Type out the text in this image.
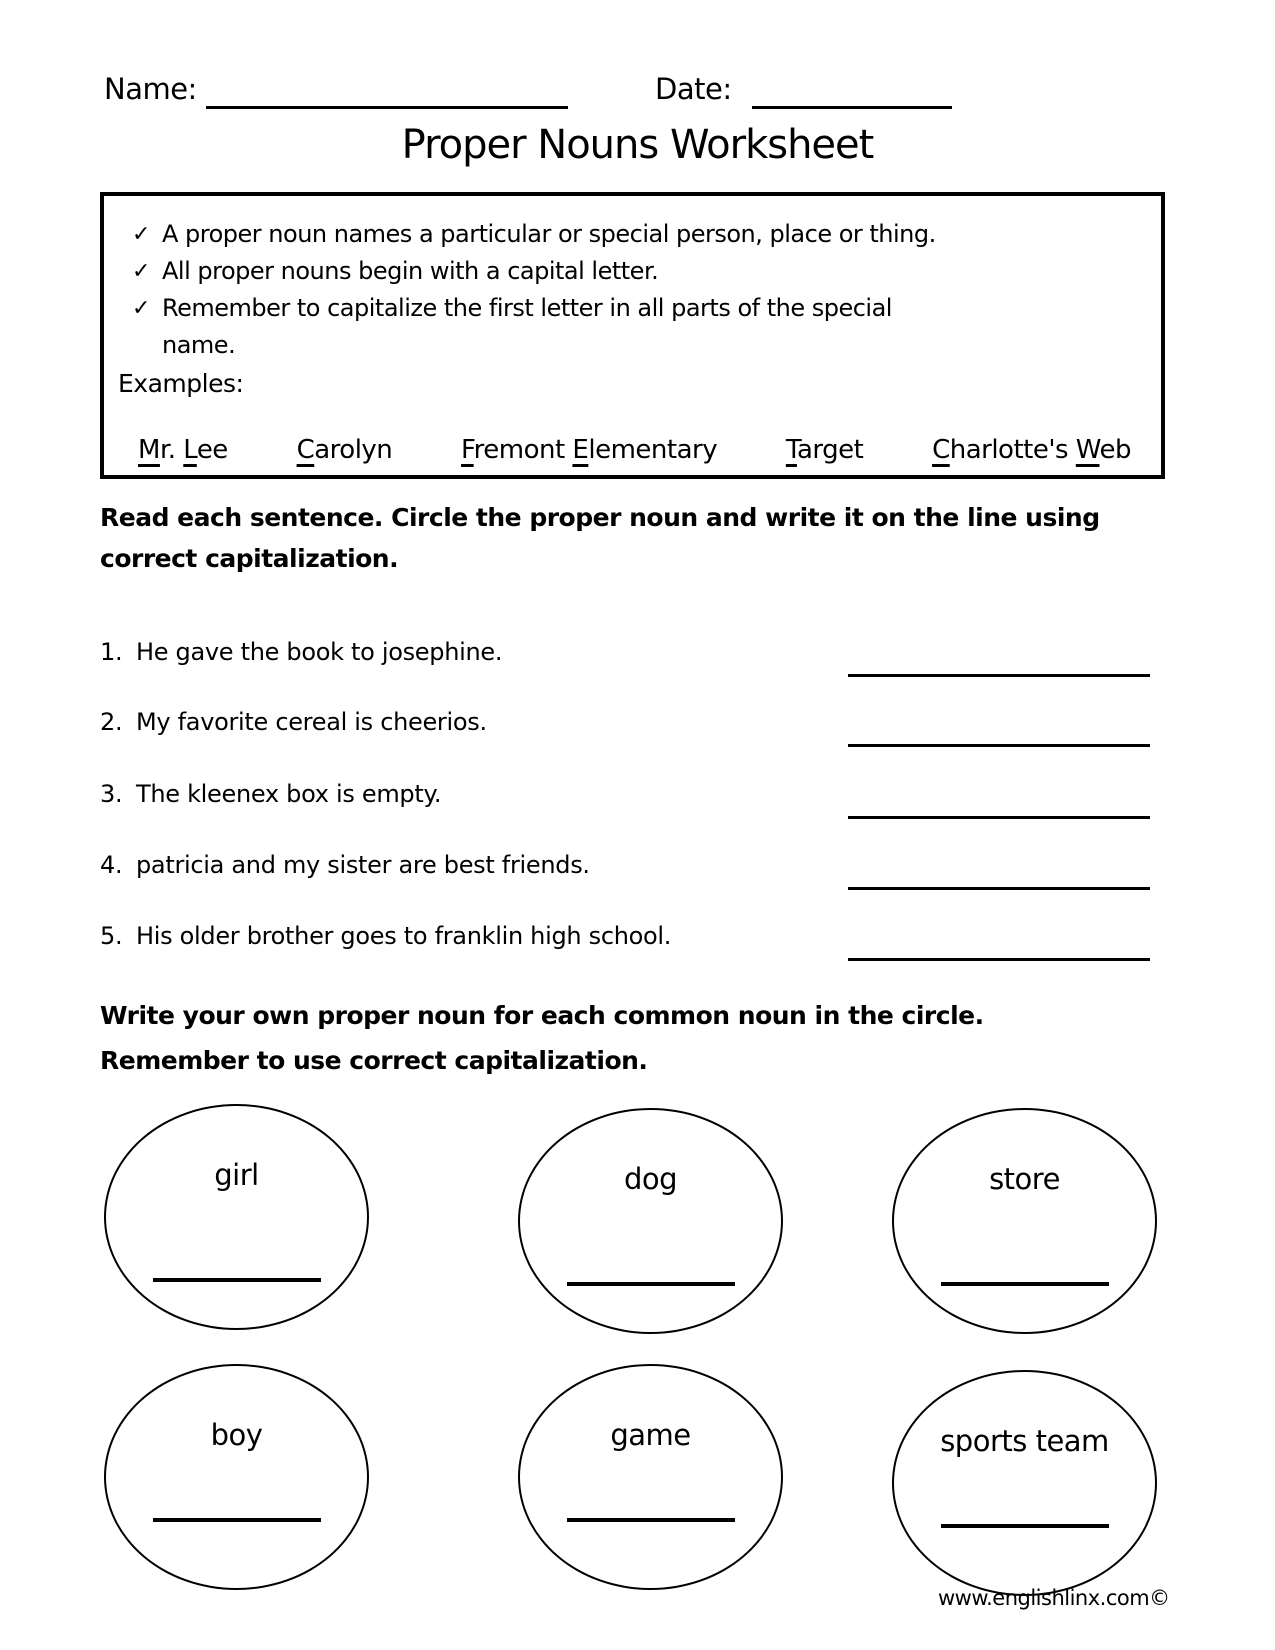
Name:	Date:
Proper Nouns Worksheet
✓ A proper noun names a particular or special person, place or thing.
✓ All proper nouns begin with a capital letter.
✓ Remember to capitalize the first letter in all parts of the special
name.
Examples:
Mr. Lee	Carolyn	Fremont Elementary	Target	Charlotte's Web
Read each sentence. Circle the proper noun and write it on the line using
correct capitalization.
1. He gave the book to josephine.
2. My favorite cereal is cheerios.
3. The kleenex box is empty.
4. patricia and my sister are best friends.
5. His older brother goes to franklin high school.
Write your own proper noun for each common noun in the circle.
Remember to use correct capitalization.
girl	dog	store
boy	game	sports team
www.englishlinx.com©
